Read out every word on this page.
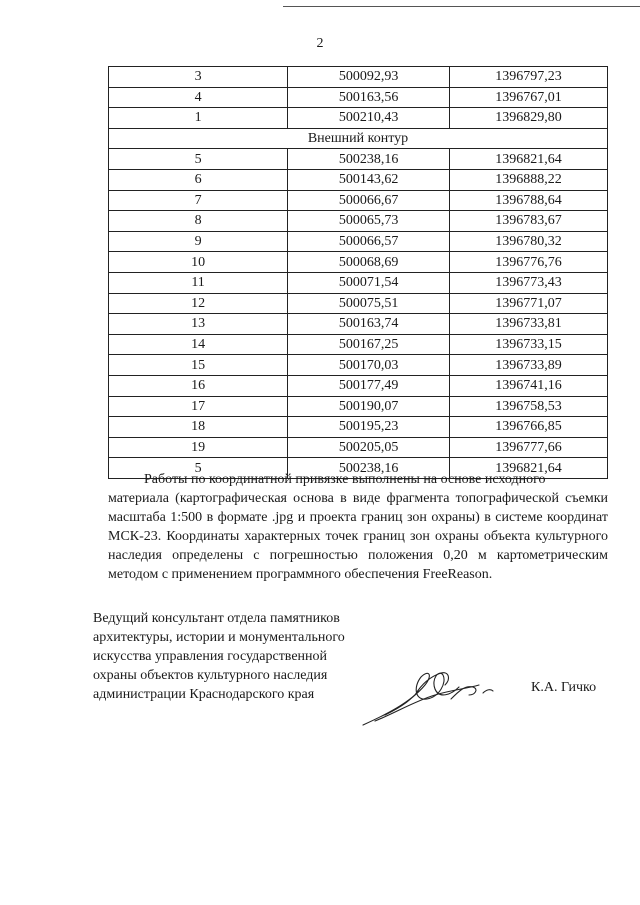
2
3	500092,93	1396797,23
4	500163,56	1396767,01
1	500210,43	1396829,80
Внешний контур		
5	500238,16	1396821,64
6	500143,62	1396888,22
7	500066,67	1396788,64
8	500065,73	1396783,67
9	500066,57	1396780,32
10	500068,69	1396776,76
11	500071,54	1396773,43
12	500075,51	1396771,07
13	500163,74	1396733,81
14	500167,25	1396733,15
15	500170,03	1396733,89
16	500177,49	1396741,16
17	500190,07	1396758,53
18	500195,23	1396766,85
19	500205,05	1396777,66
5	500238,16	1396821,64
Работы по координатной привязке выполнены на основе исходного
материала (картографическая основа в виде фрагмента топографической съемки масштаба 1:500 в формате .jpg и проекта границ зон охраны) в системе координат МСК-23. Координаты характерных точек границ зон охраны объекта культурного наследия определены с погрешностью положения 0,20 м картометрическим методом с применением программного обеспечения FreeReason.
Ведущий консультант отдела памятников
архитектуры, истории и монументального
искусства управления государственной
охраны объектов культурного наследия
администрации Краснодарского края	К.А. Гичко
